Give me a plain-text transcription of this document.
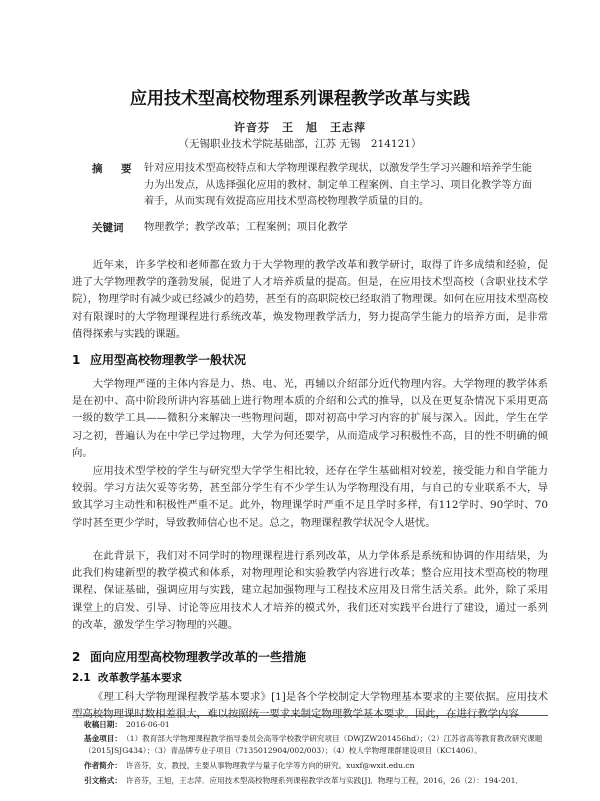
应用技术型高校物理系列课程教学改革与实践
许音芬　王　旭　王志萍
（无锡职业技术学院基础部，江苏 无锡　214121）
摘　要 针对应用技术型高校特点和大学物理课程教学现状，以激发学生学习兴趣和培养学生能力为出发点，从选择强化应用的教材、制定单工程案例、自主学习、项目化教学等方面着手，从而实现有效提高应用技术型高校物理教学质量的目的。
关键词 物理教学；教学改革；工程案例；项目化教学
近年来，许多学校和老师都在致力于大学物理的教学改革和教学研讨，取得了许多成绩和经验，促进了大学物理教学的蓬勃发展，促进了人才培养质量的提高。但是，在应用技术型高校（含职业技术学院），物理学时有减少或已经减少的趋势，甚至有的高职院校已经取消了物理课。如何在应用技术型高校对有限课时的大学物理课程进行系统改革，焕发物理教学活力，努力提高学生能力的培养方面，是非常值得探索与实践的课题。
1 应用型高校物理教学一般状况
大学物理严谨的主体内容是力、热、电、光，再辅以介绍部分近代物理内容。大学物理的教学体系是在初中、高中阶段所讲内容基础上进行物理本质的介绍和公式的推导，以及在更复杂情况下采用更高一级的数学工具——微积分来解决一些物理问题，即对初高中学习内容的扩展与深入。因此，学生在学习之初，普遍认为在中学已学过物理，大学为何还要学，从而造成学习积极性不高，目的性不明确的倾向。
应用技术型学校的学生与研究型大学学生相比较，还存在学生基础相对较差，接受能力和自学能力较弱。学习方法欠妥等劣势，甚至部分学生有不少学生认为学物理没有用，与自己的专业联系不大，导致其学习主动性和积极性严重不足。此外，物理课学时严重不足且学时多样，有112学时、90学时、70学时甚至更少学时，导致教师信心也不足。总之，物理课程教学状况令人堪忧。
在此背景下，我们对不同学时的物理课程进行系列改革，从力学体系是系统和协调的作用结果，为此我们构建新型的教学模式和体系，对物理理论和实验教学内容进行改革；整合应用技术型高校的物理课程、保证基础，强调应用与实践，建立起加强物理与工程技术应用及日常生活关系。此外，除了采用课堂上的启发、引导、讨论等应用技术人才培养的模式外，我们还对实践平台进行了建设，通过一系列的改革，激发学生学习物理的兴趣。
2 面向应用型高校物理教学改革的一些措施
2.1 改革教学基本要求
《理工科大学物理课程教学基本要求》[1]是各个学校制定大学物理基本要求的主要依据。应用技术型高校物理课时数相差很大，难以按照统一要求来制定物理教学基本要求。因此，在进行教学内容
收稿日期： 2016-06-01
基金项目： （1）教育部大学物理课程教学指导委员会高等学校教学研究项目（DWJZW201456hd）；（2）江苏省高等教育教改研究课题（2015JSJG434）；（3）青品牌专业子项目（7135012904/002/003）；（4）校人学物理课群建设项目（KC1406）。
作者简介： 许音芬，女，教授，主要从事物理教学与量子化学等方向的研究。xuxf@wxit.edu.cn
引文格式： 许音芬，王旭，王志萍．应用技术型高校物理系列课程教学改革与实践[J]．物理与工程，2016，26（2）：194-201．
